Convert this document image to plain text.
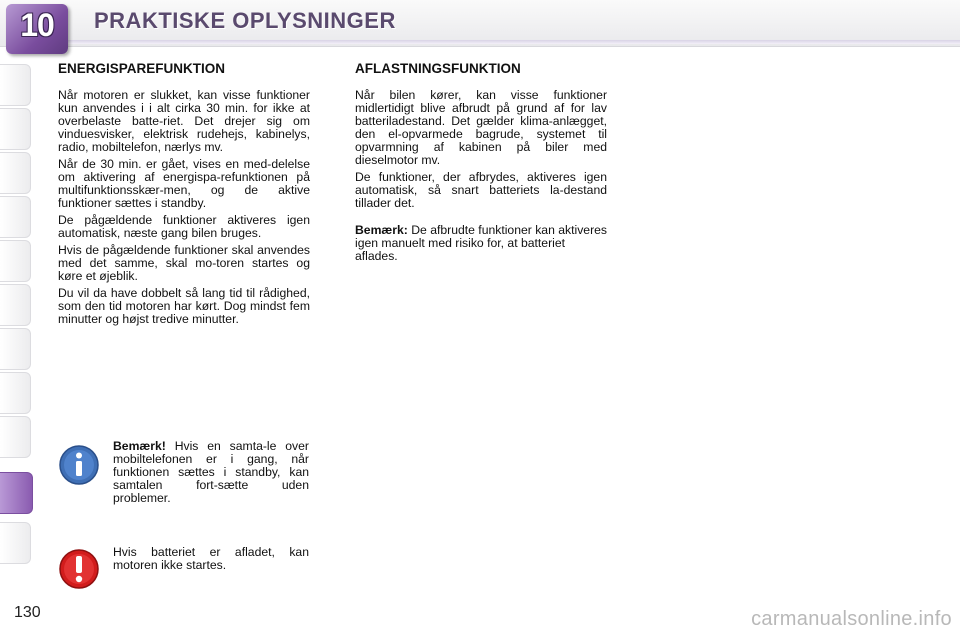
10	PRAKTISKE OPLYSNINGER
ENERGISPAREFUNKTION

Når motoren er slukket, kan visse funktioner kun anvendes i i alt cirka 30 min. for ikke at overbelaste batte-riet. Det drejer sig om vinduesvisker, elektrisk rudehejs, kabinelys, radio, mobiltelefon, nærlys mv.

Når de 30 min. er gået, vises en med-delelse om aktivering af energispa-refunktionen på multifunktionsskær-men, og de aktive funktioner sættes i standby.

De pågældende funktioner aktiveres igen automatisk, næste gang bilen bruges.

Hvis de pågældende funktioner skal anvendes med det samme, skal mo-toren startes og køre et øjeblik.

Du vil da have dobbelt så lang tid til rådighed, som den tid motoren har kørt. Dog mindst fem minutter og højst tredive minutter.

Bemærk! Hvis en samta-le over mobiltelefonen er i gang, når funktionen sættes i standby, kan samtalen fort-sætte uden problemer.
Hvis batteriet er afladet, kan motoren ikke startes.
AFLASTNINGSFUNKTION

Når bilen kører, kan visse funktioner midlertidigt blive afbrudt på grund af for lav batteriladestand. Det gælder klima-anlægget, den el-opvarmede bagrude, systemet til opvarmning af kabinen på biler med dieselmotor mv.

De funktioner, der afbrydes, aktiveres igen automatisk, så snart batteriets la-destand tillader det.

Bemærk: De afbrudte funktioner kan aktiveres igen manuelt med risiko for, at batteriet aflades.

130	carmanualsonline.info
